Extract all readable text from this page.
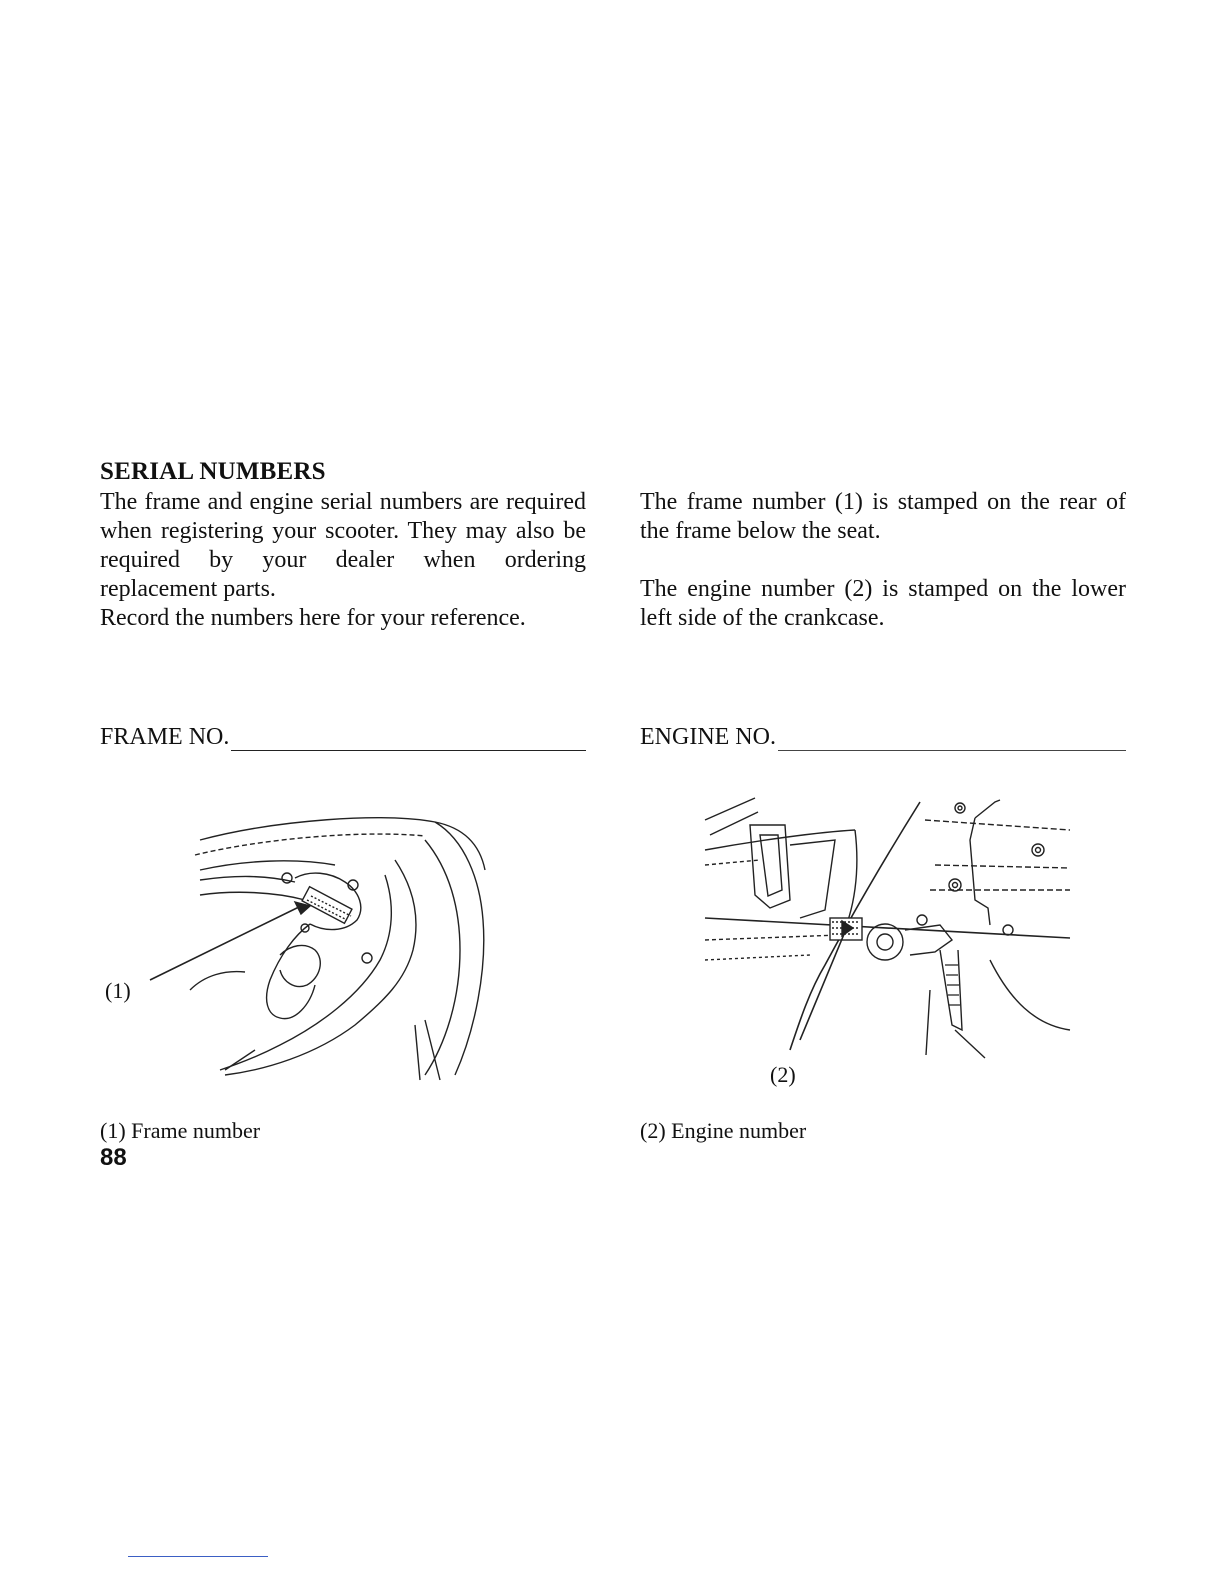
SERIAL NUMBERS

The frame and engine serial numbers are required when registering your scooter. They may also be required by your dealer when ordering replacement parts.

Record the numbers here for your reference.

The frame number (1) is stamped on the rear of the frame below the seat.

The engine number (2) is stamped on the lower left side of the crankcase.

FRAME NO.	ENGINE NO.
(1)
(2)
(1) Frame number	(2) Engine number
88
